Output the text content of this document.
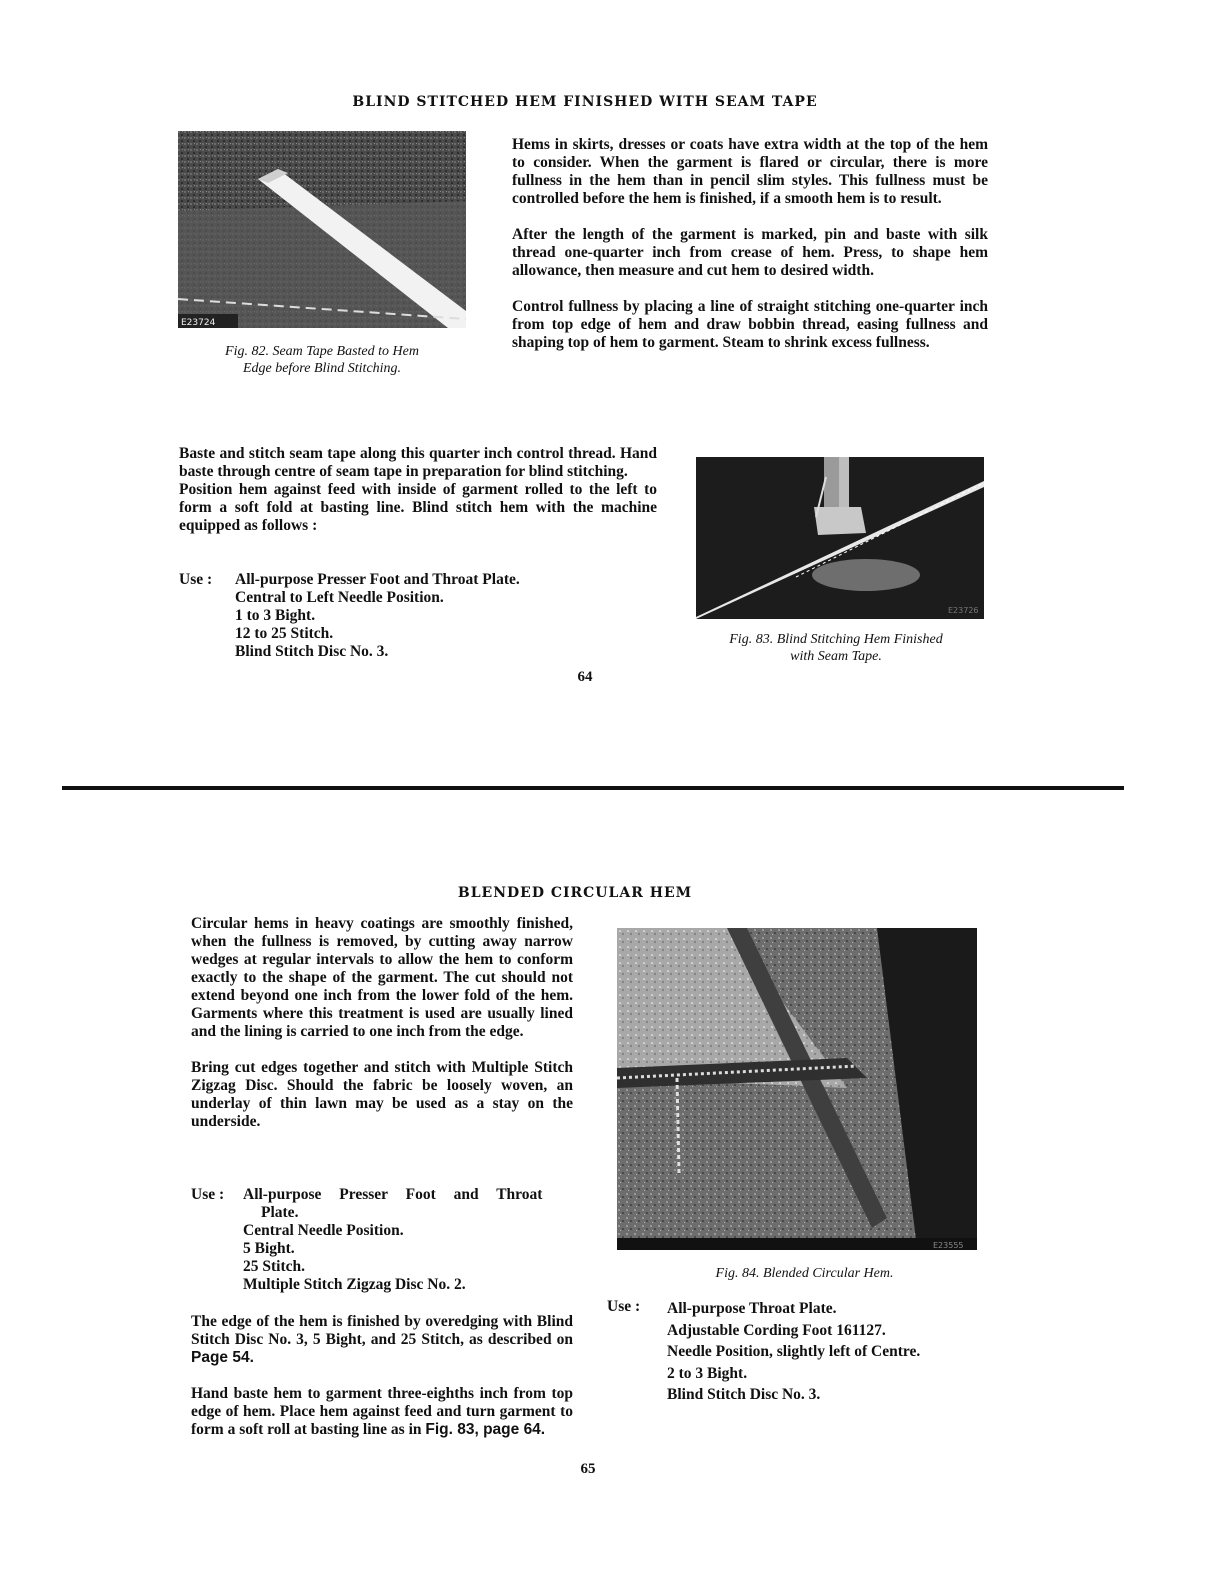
BLIND STITCHED HEM FINISHED WITH SEAM TAPE
E23724
Fig. 82. Seam Tape Basted to Hem
Edge before Blind Stitching.

Hems in skirts, dresses or coats have extra width at the top of the hem to consider. When the garment is flared or circular, there is more fullness in the hem than in pencil slim styles. This fullness must be controlled before the hem is finished, if a smooth hem is to result.

After the length of the garment is marked, pin and baste with silk thread one-quarter inch from crease of hem. Press, to shape hem allowance, then measure and cut hem to desired width.

Control fullness by placing a line of straight stitching one-quarter inch from top edge of hem and draw bobbin thread, easing fullness and shaping top of hem to garment. Steam to shrink excess fullness.

Baste and stitch seam tape along this quarter inch control thread. Hand baste through centre of seam tape in preparation for blind stitching.
Position hem against feed with inside of garment rolled to the left to form a soft fold at basting line. Blind stitch hem with the machine equipped as follows :
Use :	All-purpose Presser Foot and Throat Plate.
Central to Left Needle Position.
1 to 3 Bight.
12 to 25 Stitch.
Blind Stitch Disc No. 3.
E23726
Fig. 83. Blind Stitching Hem Finished
with Seam Tape.
64
BLENDED CIRCULAR HEM

Circular hems in heavy coatings are smoothly finished, when the fullness is removed, by cutting away narrow wedges at regular intervals to allow the hem to conform exactly to the shape of the garment. The cut should not extend beyond one inch from the lower fold of the hem. Garments where this treatment is used are usually lined and the lining is carried to one inch from the edge.

Bring cut edges together and stitch with Multiple Stitch Zigzag Disc. Should the fabric be loosely woven, an underlay of thin lawn may be used as a stay on the underside.

Use :	All-purpose Presser Foot and Throat
Plate.
Central Needle Position.
5 Bight.
25 Stitch.
Multiple Stitch Zigzag Disc No. 2.
The edge of the hem is finished by overedging with Blind Stitch Disc No. 3, 5 Bight, and 25 Stitch, as described on Page 54.
Hand baste hem to garment three-eighths inch from top edge of hem. Place hem against feed and turn garment to form a soft roll at basting line as in Fig. 83, page 64.
E23555
Fig. 84. Blended Circular Hem.
Use :	All-purpose Throat Plate.
Adjustable Cording Foot 161127.
Needle Position, slightly left of Centre.
2 to 3 Bight.
Blind Stitch Disc No. 3.
65
